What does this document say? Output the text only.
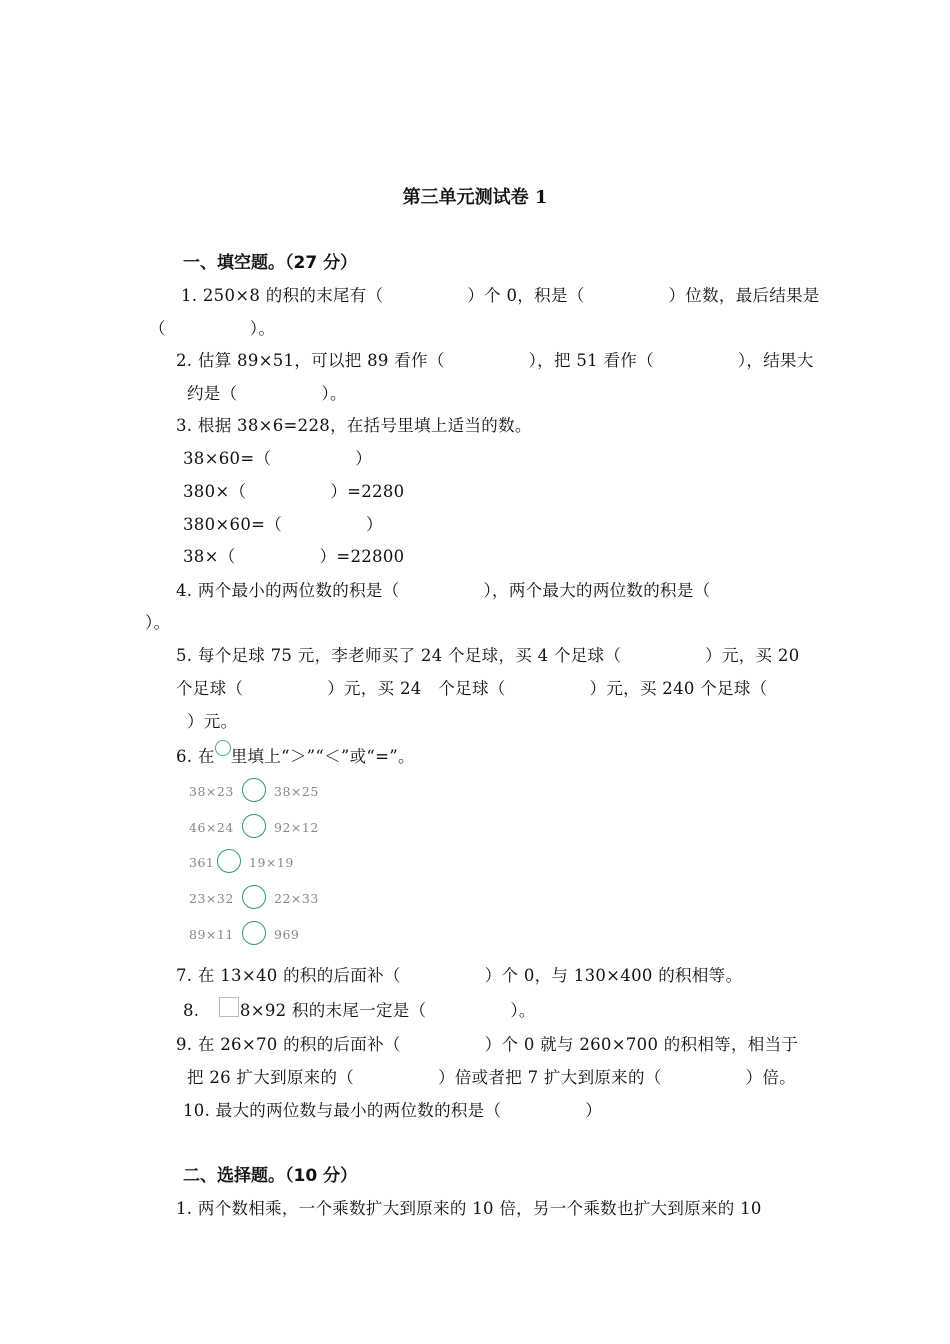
第三单元测试卷 1
一、填空题。（27 分）
1. 250×8 的积的末尾有（　　　　　）个 0，积是（　　　　　）位数，最后结果是
（　　　　　）。
2. 估算 89×51，可以把 89 看作（　　　　　），把 51 看作（　　　　　），结果大
约是（　　　　　）。
3. 根据 38×6=228，在括号里填上适当的数。
38×60=（　　　　　）
380×（　　　　　）=2280
380×60=（　　　　　）
38×（　　　　　）=22800
4. 两个最小的两位数的积是（　　　　　），两个最大的两位数的积是（
）。
5. 每个足球 75 元，李老师买了 24 个足球，买 4 个足球（　　　　　）元，买 20
个足球（　　　　　）元，买 24　个足球（　　　　　）元，买 240 个足球（
）元。
6. 在 里填上“＞”“＜”或“=”。
38×23	38×25
46×24	92×12
361	19×19
23×32	22×33
89×11	969
7. 在 13×40 的积的后面补（　　　　　）个 0，与 130×400 的积相等。
8. 8×92 积的末尾一定是（　　　　　）。
9. 在 26×70 的积的后面补（　　　　　）个 0 就与 260×700 的积相等，相当于
把 26 扩大到原来的（　　　　　）倍或者把 7 扩大到原来的（　　　　　）倍。
10. 最大的两位数与最小的两位数的积是（　　　　　）
二、选择题。（10 分）
1. 两个数相乘，一个乘数扩大到原来的 10 倍，另一个乘数也扩大到原来的 10
